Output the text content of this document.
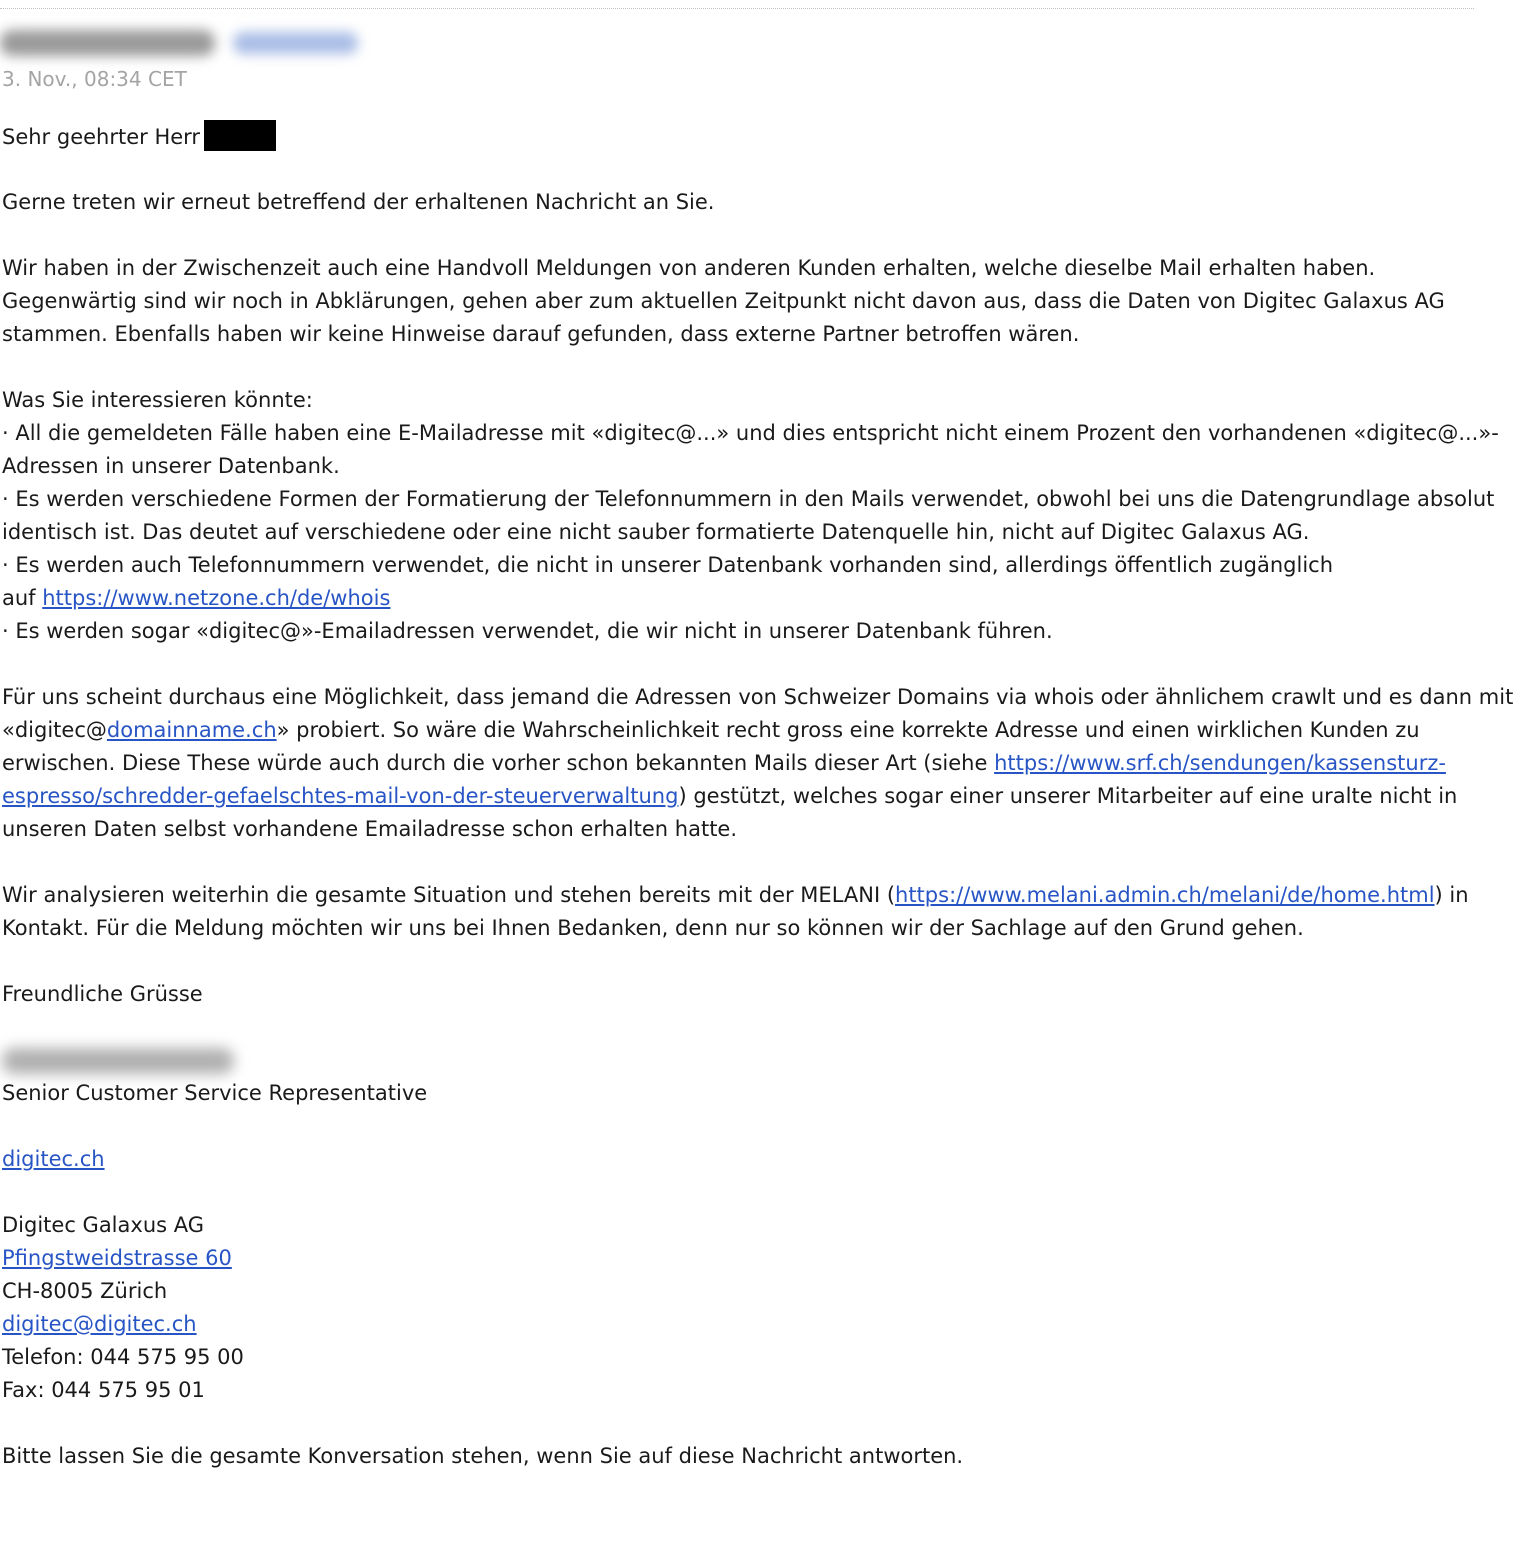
3. Nov., 08:34 CET
Sehr geehrter Herr
Gerne treten wir erneut betreffend der erhaltenen Nachricht an Sie.
Wir haben in der Zwischenzeit auch eine Handvoll Meldungen von anderen Kunden erhalten, welche dieselbe Mail erhalten haben.
Gegenwärtig sind wir noch in Abklärungen, gehen aber zum aktuellen Zeitpunkt nicht davon aus, dass die Daten von Digitec Galaxus AG
stammen. Ebenfalls haben wir keine Hinweise darauf gefunden, dass externe Partner betroffen wären.
Was Sie interessieren könnte:
· All die gemeldeten Fälle haben eine E-Mailadresse mit «digitec@...» und dies entspricht nicht einem Prozent den vorhandenen «digitec@...»-
Adressen in unserer Datenbank.
· Es werden verschiedene Formen der Formatierung der Telefonnummern in den Mails verwendet, obwohl bei uns die Datengrundlage absolut
identisch ist. Das deutet auf verschiedene oder eine nicht sauber formatierte Datenquelle hin, nicht auf Digitec Galaxus AG.
· Es werden auch Telefonnummern verwendet, die nicht in unserer Datenbank vorhanden sind, allerdings öffentlich zugänglich
auf https://www.netzone.ch/de/whois
· Es werden sogar «digitec@»-Emailadressen verwendet, die wir nicht in unserer Datenbank führen.
Für uns scheint durchaus eine Möglichkeit, dass jemand die Adressen von Schweizer Domains via whois oder ähnlichem crawlt und es dann mit
«digitec@domainname.ch» probiert. So wäre die Wahrscheinlichkeit recht gross eine korrekte Adresse und einen wirklichen Kunden zu
erwischen. Diese These würde auch durch die vorher schon bekannten Mails dieser Art (siehe https://www.srf.ch/sendungen/kassensturz-
espresso/schredder-gefaelschtes-mail-von-der-steuerverwaltung) gestützt, welches sogar einer unserer Mitarbeiter auf eine uralte nicht in
unseren Daten selbst vorhandene Emailadresse schon erhalten hatte.
Wir analysieren weiterhin die gesamte Situation und stehen bereits mit der MELANI (https://www.melani.admin.ch/melani/de/home.html) in
Kontakt. Für die Meldung möchten wir uns bei Ihnen Bedanken, denn nur so können wir der Sachlage auf den Grund gehen.
Freundliche Grüsse
Senior Customer Service Representative
digitec.ch
Digitec Galaxus AG
Pfingstweidstrasse 60
CH-8005 Zürich
digitec@digitec.ch
Telefon: 044 575 95 00
Fax: 044 575 95 01
Bitte lassen Sie die gesamte Konversation stehen, wenn Sie auf diese Nachricht antworten.
